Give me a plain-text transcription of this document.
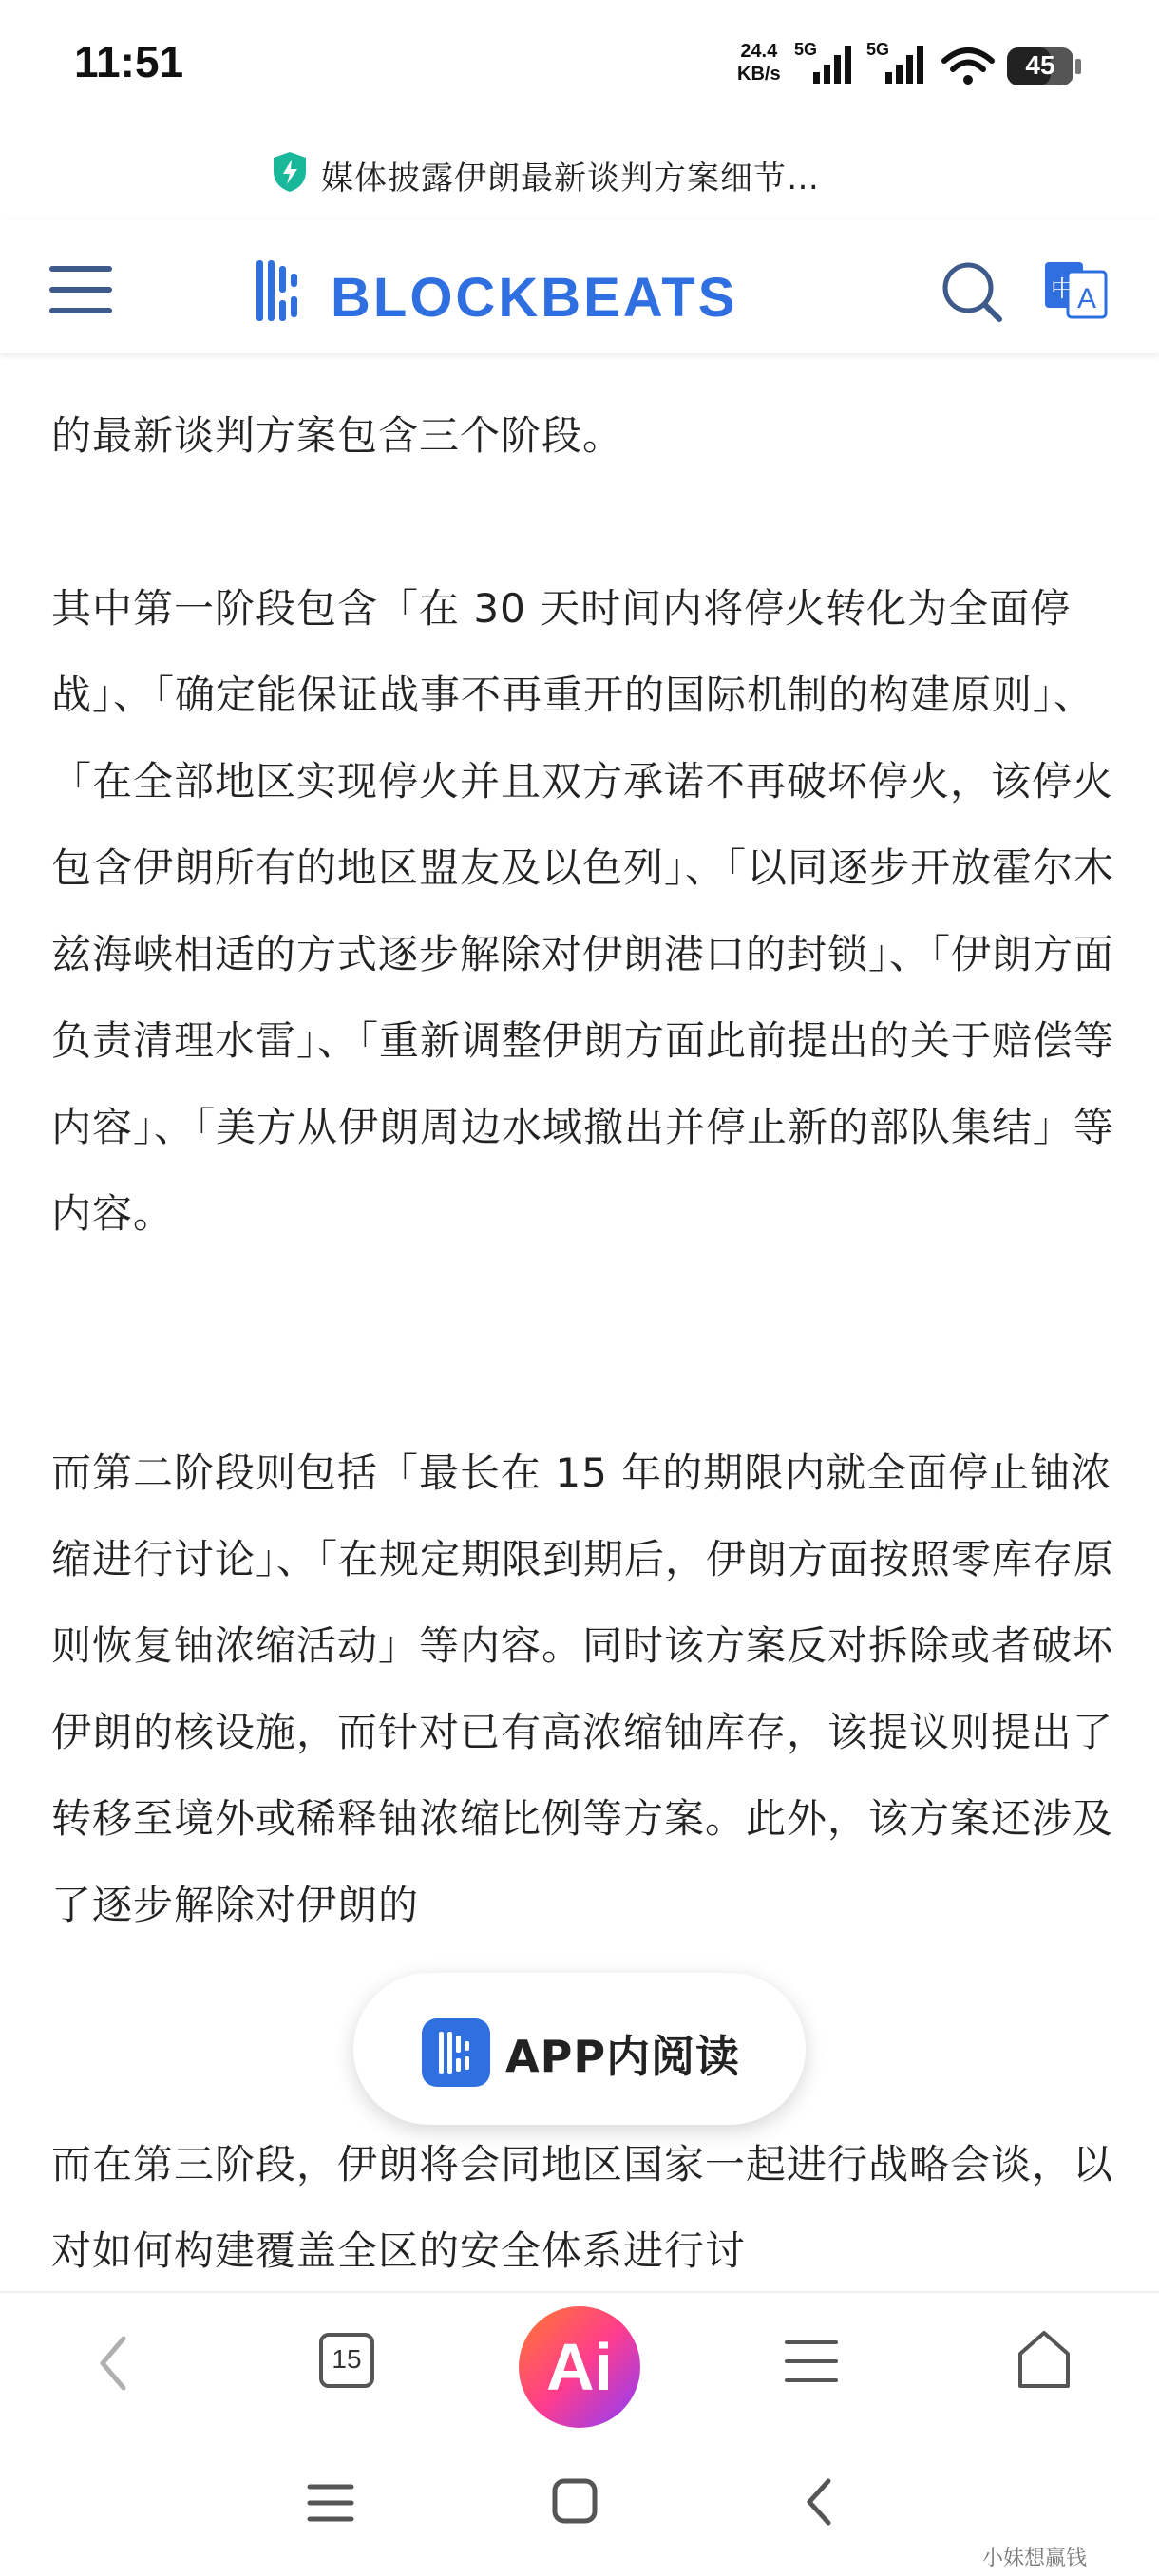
11:51	24.4
KB/s
5G	5G
45
媒体披露伊朗最新谈判方案细节…
BLOCKBEATS	中 A
的最新谈判方案包含三个阶段。
其中第一阶段包含「在 30 天时间内将停火转化为全面停战」、「确定能保证战事不再重开的国际机制的构建原则」、「在全部地区实现停火并且双方承诺不再破坏停火，该停火包含伊朗所有的地区盟友及以色列」、「以同逐步开放霍尔木兹海峡相适的方式逐步解除对伊朗港口的封锁」、「伊朗方面负责清理水雷」、「重新调整伊朗方面此前提出的关于赔偿等内容」、「美方从伊朗周边水域撤出并停止新的部队集结」等内容。
而第二阶段则包括「最长在 15 年的期限内就全面停止铀浓缩进行讨论」、「在规定期限到期后，伊朗方面按照零库存原则恢复铀浓缩活动」等内容。同时该方案反对拆除或者破坏伊朗的核设施，而针对已有高浓缩铀库存，该提议则提出了转移至境外或稀释铀浓缩比例等方案。此外，该方案还涉及了逐步解除对伊朗的
而在第三阶段，伊朗将会同地区国家一起进行战略会谈，以对如何构建覆盖全区的安全体系进行讨
APP内阅读
15	Ai
小妹想赢钱
